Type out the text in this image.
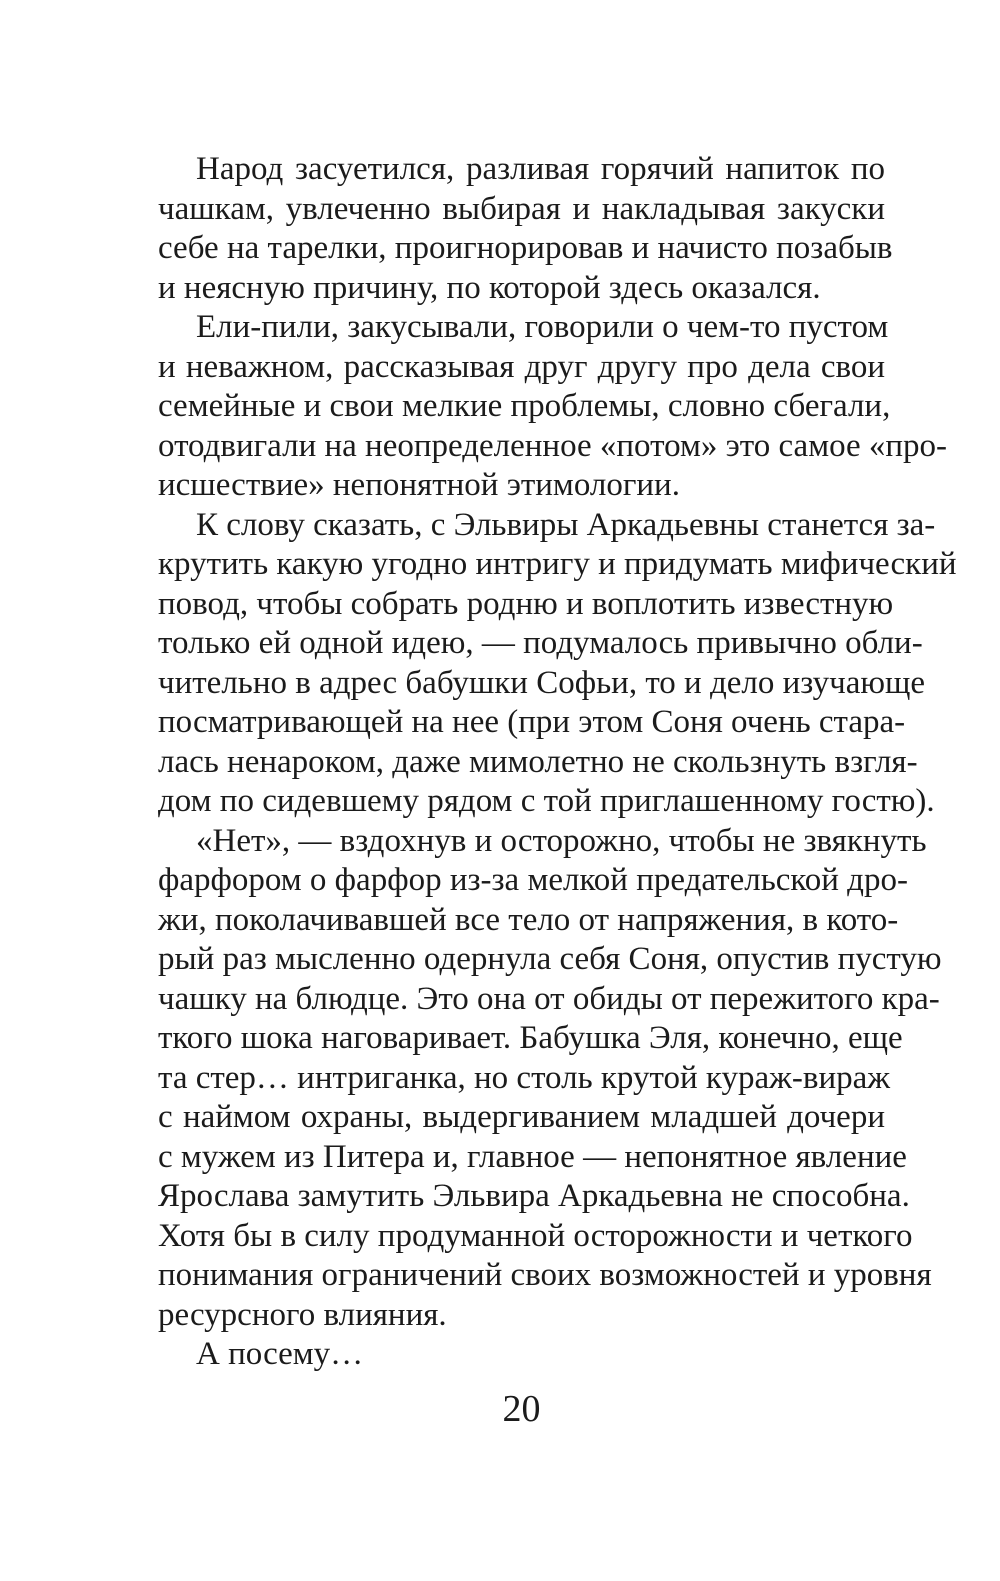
Народ засуетился, разливая горячий напиток по
чашкам, увлеченно выбирая и накладывая закуски
себе на тарелки, проигнорировав и начисто позабыв
и неясную причину, по которой здесь оказался.
Ели-пили, закусывали, говорили о чем-то пустом
и неважном, рассказывая друг другу про дела свои
семейные и свои мелкие проблемы, словно сбегали,
отодвигали на неопределенное «потом» это самое «про-
исшествие» непонятной этимологии.
К слову сказать, с Эльвиры Аркадьевны станется за-
крутить какую угодно интригу и придумать мифический
повод, чтобы собрать родню и воплотить известную
только ей одной идею, — подумалось привычно обли-
чительно в адрес бабушки Софьи, то и дело изучающе
посматривающей на нее (при этом Соня очень стара-
лась ненароком, даже мимолетно не скользнуть взгля-
дом по сидевшему рядом с той приглашенному гостю).
«Нет», — вздохнув и осторожно, чтобы не звякнуть
фарфором о фарфор из-за мелкой предательской дро-
жи, поколачивавшей все тело от напряжения, в кото-
рый раз мысленно одернула себя Соня, опустив пустую
чашку на блюдце. Это она от обиды от пережитого кра-
ткого шока наговаривает. Бабушка Эля, конечно, еще
та стер… интриганка, но столь крутой кураж-вираж
с наймом охраны, выдергиванием младшей дочери
с мужем из Питера и, главное — непонятное явление
Ярослава замутить Эльвира Аркадьевна не способна.
Хотя бы в силу продуманной осторожности и четкого
понимания ограничений своих возможностей и уровня
ресурсного влияния.
А посему…
20
